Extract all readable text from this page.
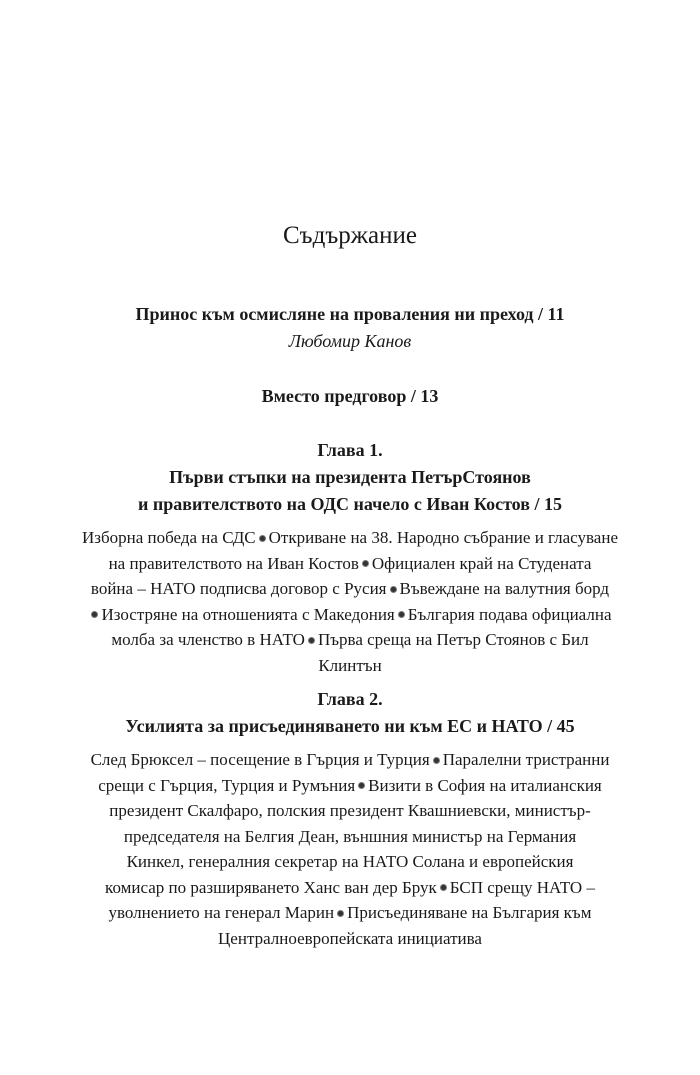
Съдържание
Принос към осмисляне на проваления ни преход / 11
Любомир Канов
Вместо предговор / 13
Глава 1.
Първи стъпки на президента ПетърСтоянов
и правителството на ОДС начело с Иван Костов / 15
Изборна победа на СДС Откриване на 38. Народно събрание и гласуване
на правителството на Иван Костов Официален край на Студената
война – НАТО подписва договор с Русия Въвеждане на валутния борд
Изостряне на отношенията с Македония България подава официална
молба за членство в НАТО Първа среща на Петър Стоянов с Бил
Клинтън
Глава 2.
Усилията за присъединяването ни към ЕС и НАТО / 45
След Брюксел – посещение в Гърция и Турция Паралелни тристранни
срещи с Гърция, Турция и Румъния Визити в София на италианския
президент Скалфаро, полския президент Квашниевски, министър-
председателя на Белгия Деан, външния министър на Германия
Кинкел, генералния секретар на НАТО Солана и европейския
комисар по разширяването Ханс ван дер Брук БСП срещу НАТО –
уволнението на генерал Марин Присъединяване на България към
Централноевропейската инициатива
